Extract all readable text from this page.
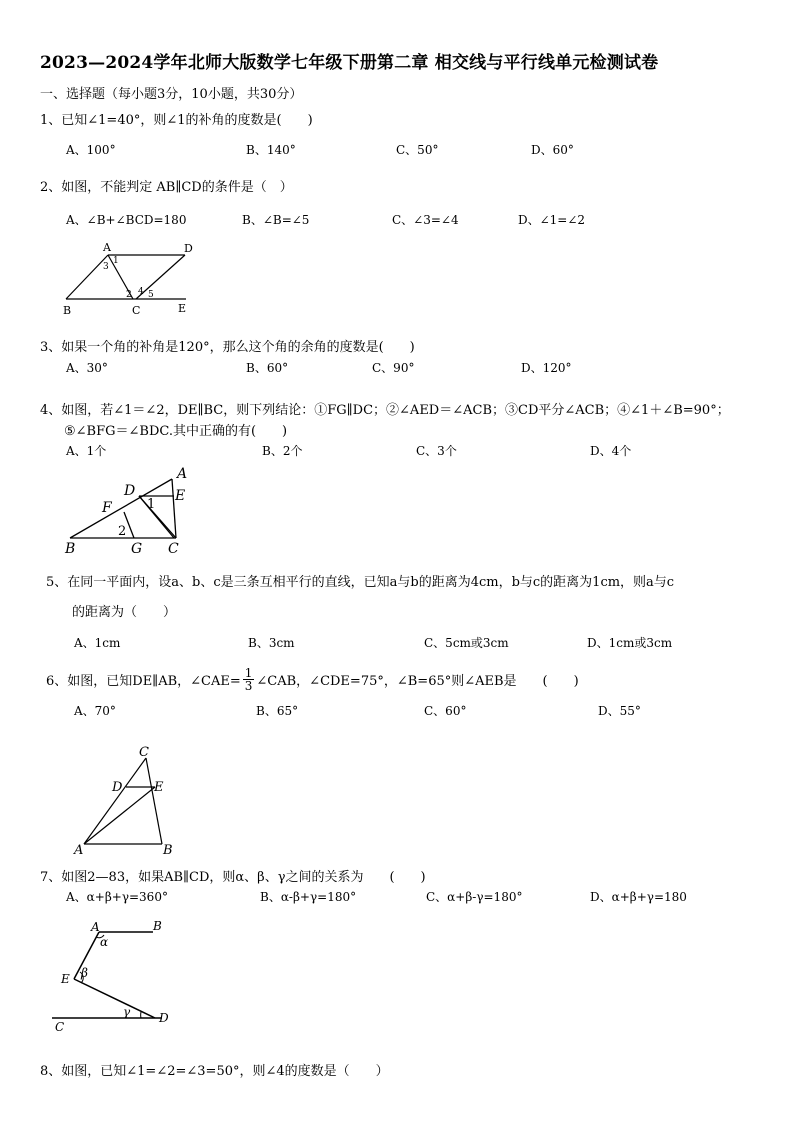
2023—2024学年北师大版数学七年级下册第二章 相交线与平行线单元检测试卷
一、选择题（每小题3分，10小题，共30分）
1、已知∠1=40°，则∠1的补角的度数是(　　)
A、100°	B、140°	C、50°	D、60°
2、如图，不能判定 AB∥CD的条件是（　）
A、∠B+∠BCD=180	B、∠B=∠5	C、∠3=∠4	D、∠1=∠2
A	D
3
1
2 4 5
B	C	E
3、如果一个角的补角是120°，那么这个角的余角的度数是(　　)
A、30°	B、60°	C、90°	D、120°
4、如图，若∠1＝∠2，DE∥BC，则下列结论：①FG∥DC；②∠AED＝∠ACB；③CD平分∠ACB；④∠1＋∠B=90°；
⑤∠BFG＝∠BDC.其中正确的有(　　)
A、1个	B、2个	C、3个	D、4个
A
D	E
F	1
2
B	G C
5、在同一平面内，设a、b、c是三条互相平行的直线，已知a与b的距离为4cm，b与c的距离为1cm，则a与c
的距离为（　　）
A、1cm	B、3cm	C、5cm或3cm	D、1cm或3cm
6、如图，已知DE∥AB，∠CAE= $\frac{1}{3}$ ∠CAB，∠CDE=75°，∠B=65°则∠AEB是　　(　　)
A、70°	B、65°	C、60°	D、55°
C
D E
A	B
7、如图2—83，如果AB∥CD，则α、β、γ之间的关系为　　(　　)
A、α+β+γ=360°	B、α-β+γ=180°	C、α+β-γ=180°	D、α+β+γ=180
A	B
α
E β
γ
C
D
8、如图，已知∠1=∠2=∠3=50°，则∠4的度数是（　　）
